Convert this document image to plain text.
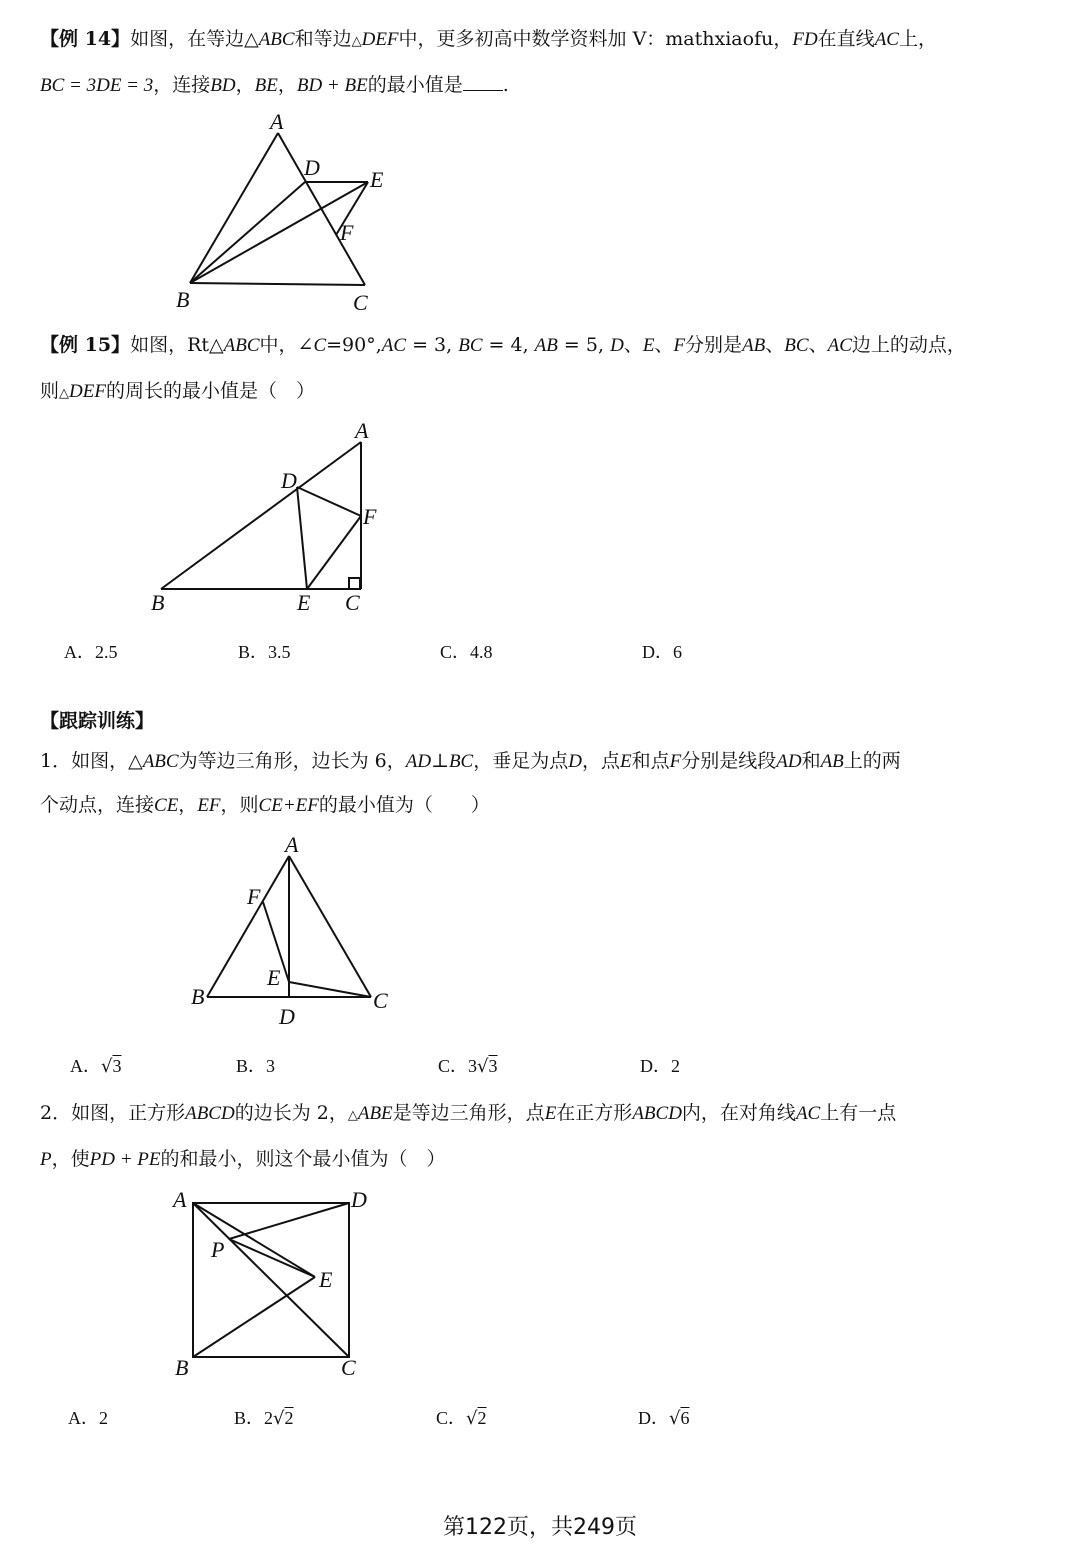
【例 14】如图，在等边△ABC和等边△DEF中，更多初高中数学资料加 V：mathxiaofu，FD在直线AC上，
BC = 3DE = 3，连接BD，BE，BD + BE的最小值是 .
A
B	C
D E
F
【例 15】如图，Rt△ABC中，∠C=90°,AC = 3, BC = 4, AB = 5, D、E、F分别是AB、BC、AC边上的动点，
则△DEF的周长的最小值是（　）
A
B	C
D
E
F
A．2.5	B．3.5	C．4.8	D．6
【跟踪训练】
1．如图，△ABC为等边三角形，边长为 6，AD⊥BC，垂足为点D，点E和点F分别是线段AD和AB上的两
个动点，连接CE，EF，则CE+EF的最小值为（　　）
A
B	C
D
E
F
A．√3	B．3	C．3√3	D．2
2．如图，正方形ABCD的边长为 2，△ABE是等边三角形，点E在正方形ABCD内，在对角线AC上有一点
P，使PD + PE的和最小，则这个最小值为（　）
A
B	C
D
E
P
A．2	B．2√2	C．√2	D．√6
第122页，共249页
